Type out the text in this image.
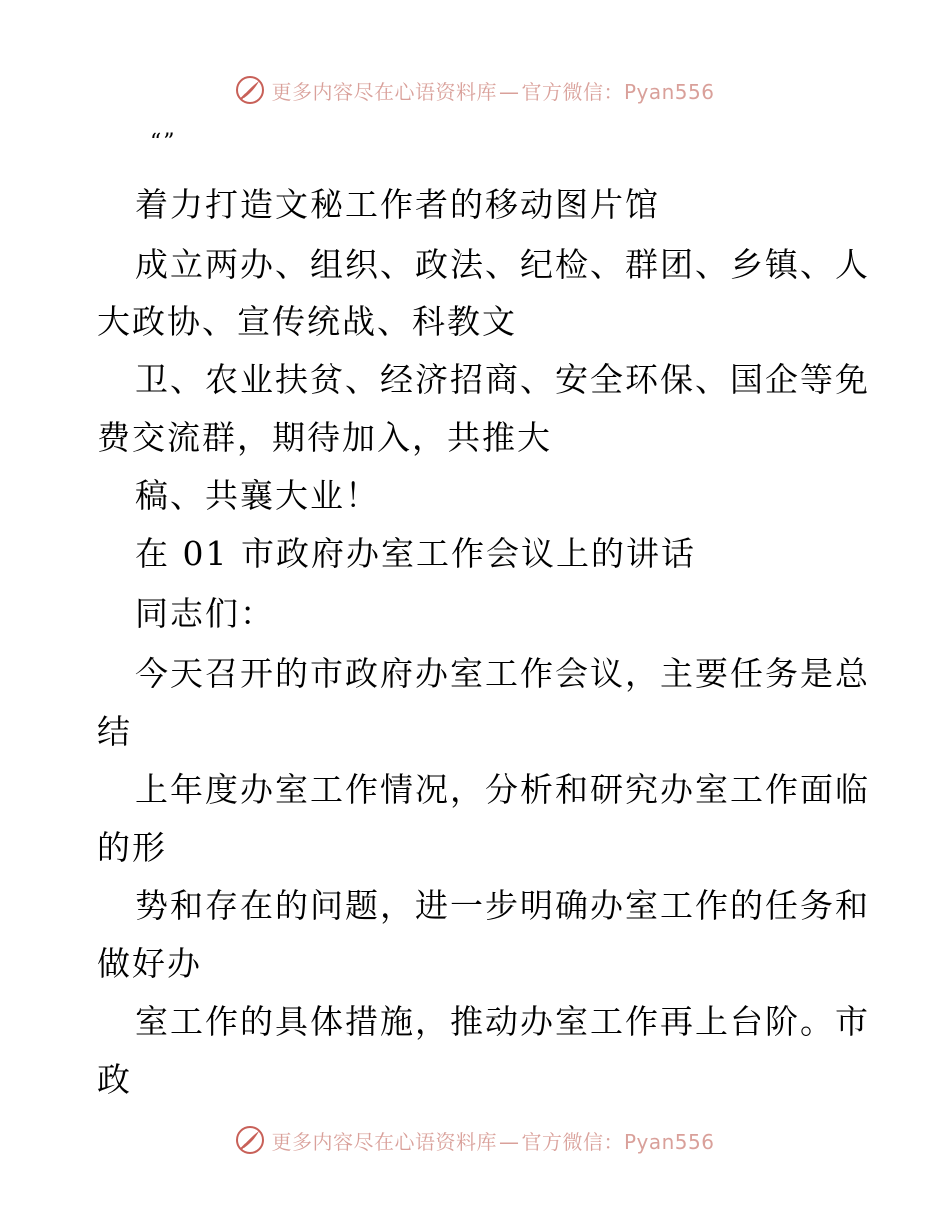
更多内容尽在心语资料库 — 官方微信：Pyan556
“”
着力打造文秘工作者的移动图片馆
成立两办、组织、政法、纪检、群团、乡镇、人
大政协、宣传统战、科教文
卫、农业扶贫、经济招商、安全环保、国企等免
费交流群，期待加入，共推大
稿、共襄大业！
在 01 市政府办室工作会议上的讲话
同志们：
今天召开的市政府办室工作会议，主要任务是总
结
上年度办室工作情况，分析和研究办室工作面临
的形
势和存在的问题，进一步明确办室工作的任务和
做好办
室工作的具体措施，推动办室工作再上台阶。市
政
更多内容尽在心语资料库 — 官方微信：Pyan556
